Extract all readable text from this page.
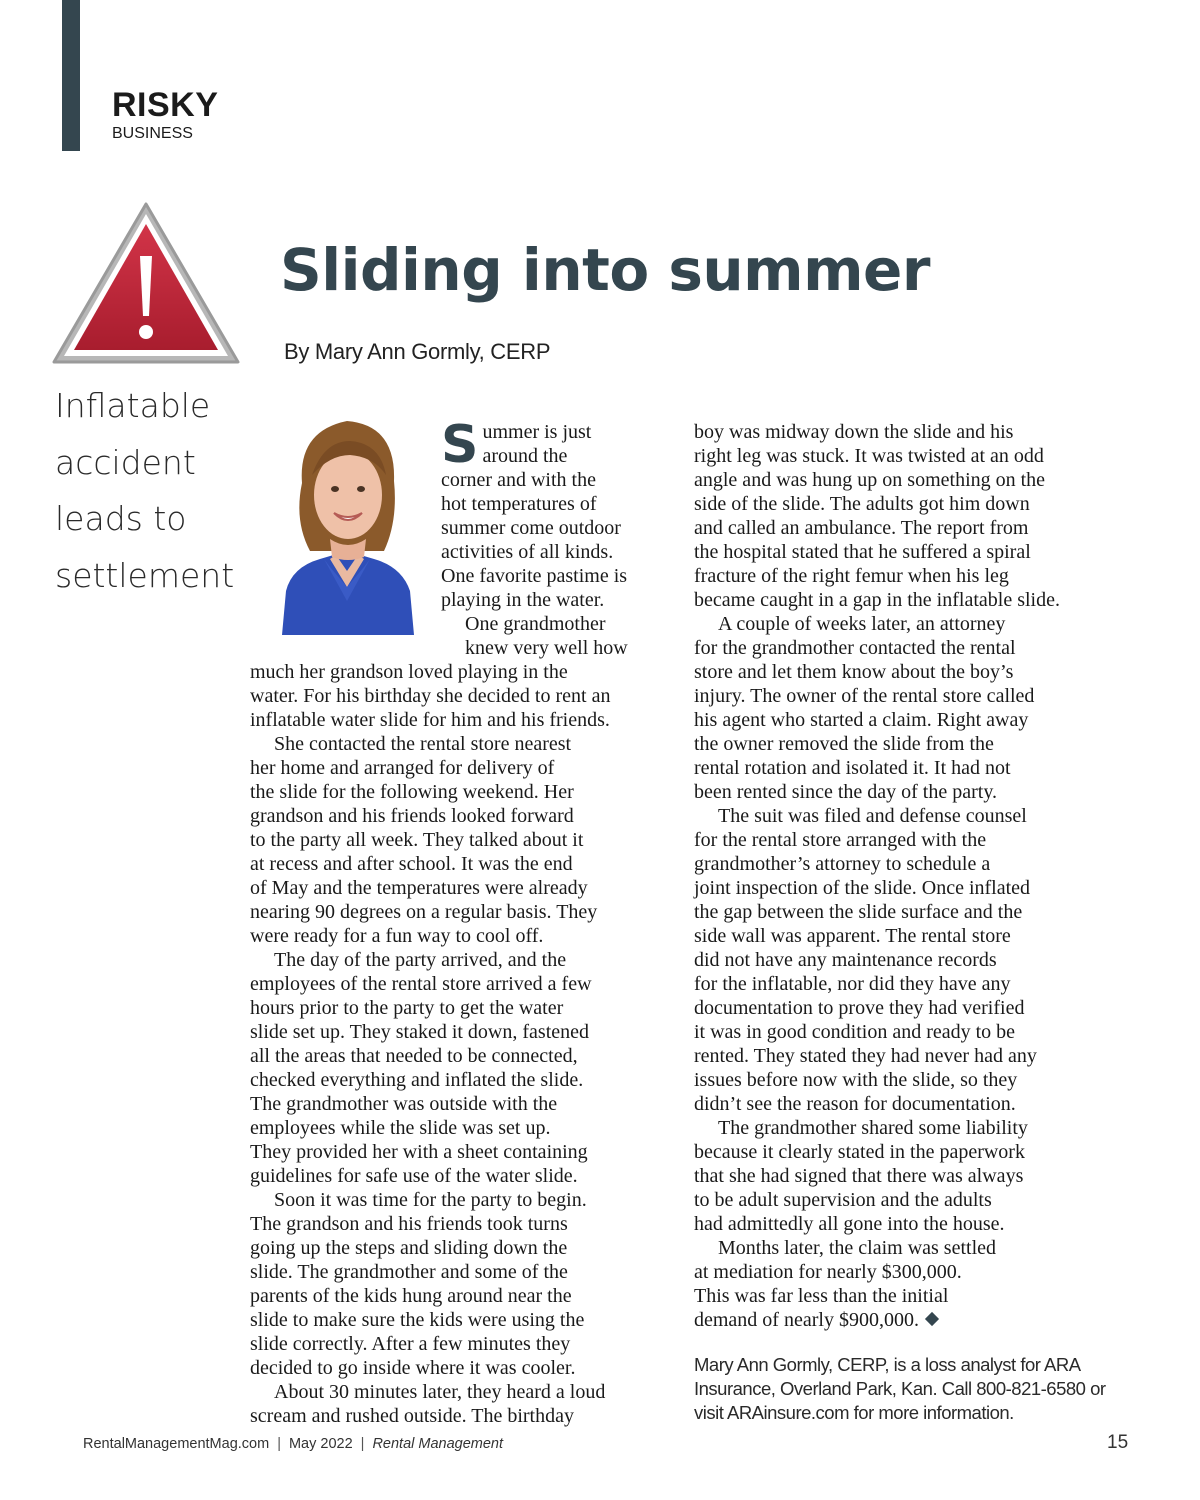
RISKY
BUSINESS
Sliding into summer
By Mary Ann Gormly, CERP
Inflatable
accident
leads to
settlement
S ummer is just
around the
corner and with the
hot temperatures of
summer come outdoor
activities of all kinds.
One favorite pastime is
playing in the water.
One grandmother
knew very well how
much her grandson loved playing in the
water. For his birthday she decided to rent an
inflatable water slide for him and his friends.
She contacted the rental store nearest
her home and arranged for delivery of
the slide for the following weekend. Her
grandson and his friends looked forward
to the party all week. They talked about it
at recess and after school. It was the end
of May and the temperatures were already
nearing 90 degrees on a regular basis. They
were ready for a fun way to cool off.
The day of the party arrived, and the
employees of the rental store arrived a few
hours prior to the party to get the water
slide set up. They staked it down, fastened
all the areas that needed to be connected,
checked everything and inflated the slide.
The grandmother was outside with the
employees while the slide was set up.
They provided her with a sheet containing
guidelines for safe use of the water slide.
Soon it was time for the party to begin.
The grandson and his friends took turns
going up the steps and sliding down the
slide. The grandmother and some of the
parents of the kids hung around near the
slide to make sure the kids were using the
slide correctly. After a few minutes they
decided to go inside where it was cooler.
About 30 minutes later, they heard a loud
scream and rushed outside. The birthday
boy was midway down the slide and his
right leg was stuck. It was twisted at an odd
angle and was hung up on something on the
side of the slide. The adults got him down
and called an ambulance. The report from
the hospital stated that he suffered a spiral
fracture of the right femur when his leg
became caught in a gap in the inflatable slide.
A couple of weeks later, an attorney
for the grandmother contacted the rental
store and let them know about the boy’s
injury. The owner of the rental store called
his agent who started a claim. Right away
the owner removed the slide from the
rental rotation and isolated it. It had not
been rented since the day of the party.
The suit was filed and defense counsel
for the rental store arranged with the
grandmother’s attorney to schedule a
joint inspection of the slide. Once inflated
the gap between the slide surface and the
side wall was apparent. The rental store
did not have any maintenance records
for the inflatable, nor did they have any
documentation to prove they had verified
it was in good condition and ready to be
rented. They stated they had never had any
issues before now with the slide, so they
didn’t see the reason for documentation.
The grandmother shared some liability
because it clearly stated in the paperwork
that she had signed that there was always
to be adult supervision and the adults
had admittedly all gone into the house.
Months later, the claim was settled
at mediation for nearly $300,000.
This was far less than the initial
demand of nearly $900,000.
Mary Ann Gormly, CERP, is a loss analyst for ARA
Insurance, Overland Park, Kan. Call 800-821-6580 or
visit ARAinsure.com for more information.
RentalManagementMag.com | May 2022 | Rental Management	15
